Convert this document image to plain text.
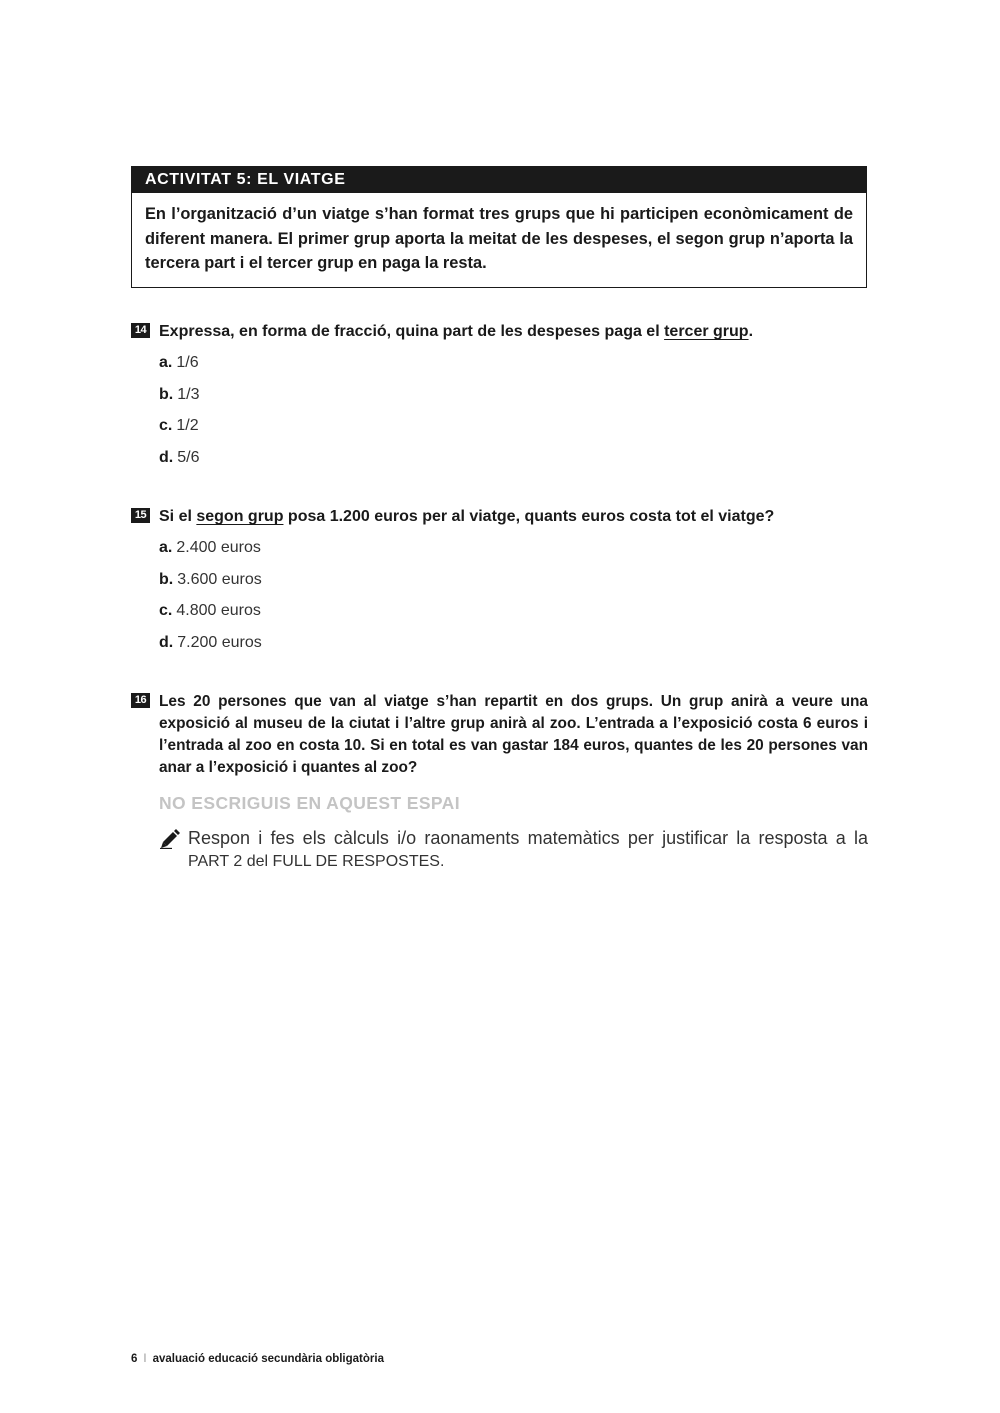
ACTIVITAT 5: EL VIATGE
En l’organització d’un viatge s’han format tres grups que hi participen econòmicament de diferent manera. El primer grup aporta la meitat de les despeses, el segon grup n’aporta la tercera part i el tercer grup en paga la resta.
14 Expressa, en forma de fracció, quina part de les despeses paga el tercer grup.
a. 1/6
b. 1/3
c. 1/2
d. 5/6
15 Si el segon grup posa 1.200 euros per al viatge, quants euros costa tot el viatge?
a. 2.400 euros
b. 3.600 euros
c. 4.800 euros
d. 7.200 euros
16 Les 20 persones que van al viatge s’han repartit en dos grups. Un grup anirà a veure una exposició al museu de la ciutat i l’altre grup anirà al zoo. L’entrada a l’exposició costa 6 euros i l’entrada al zoo en costa 10. Si en total es van gastar 184 euros, quantes de les 20 persones van anar a l’exposició i quantes al zoo?
NO ESCRIGUIS EN AQUEST ESPAI
Respon i fes els càlculs i/o raonaments matemàtics per justificar la resposta a la
PART 2 del FULL DE RESPOSTES.
6 I avaluació educació secundària obligatòria
